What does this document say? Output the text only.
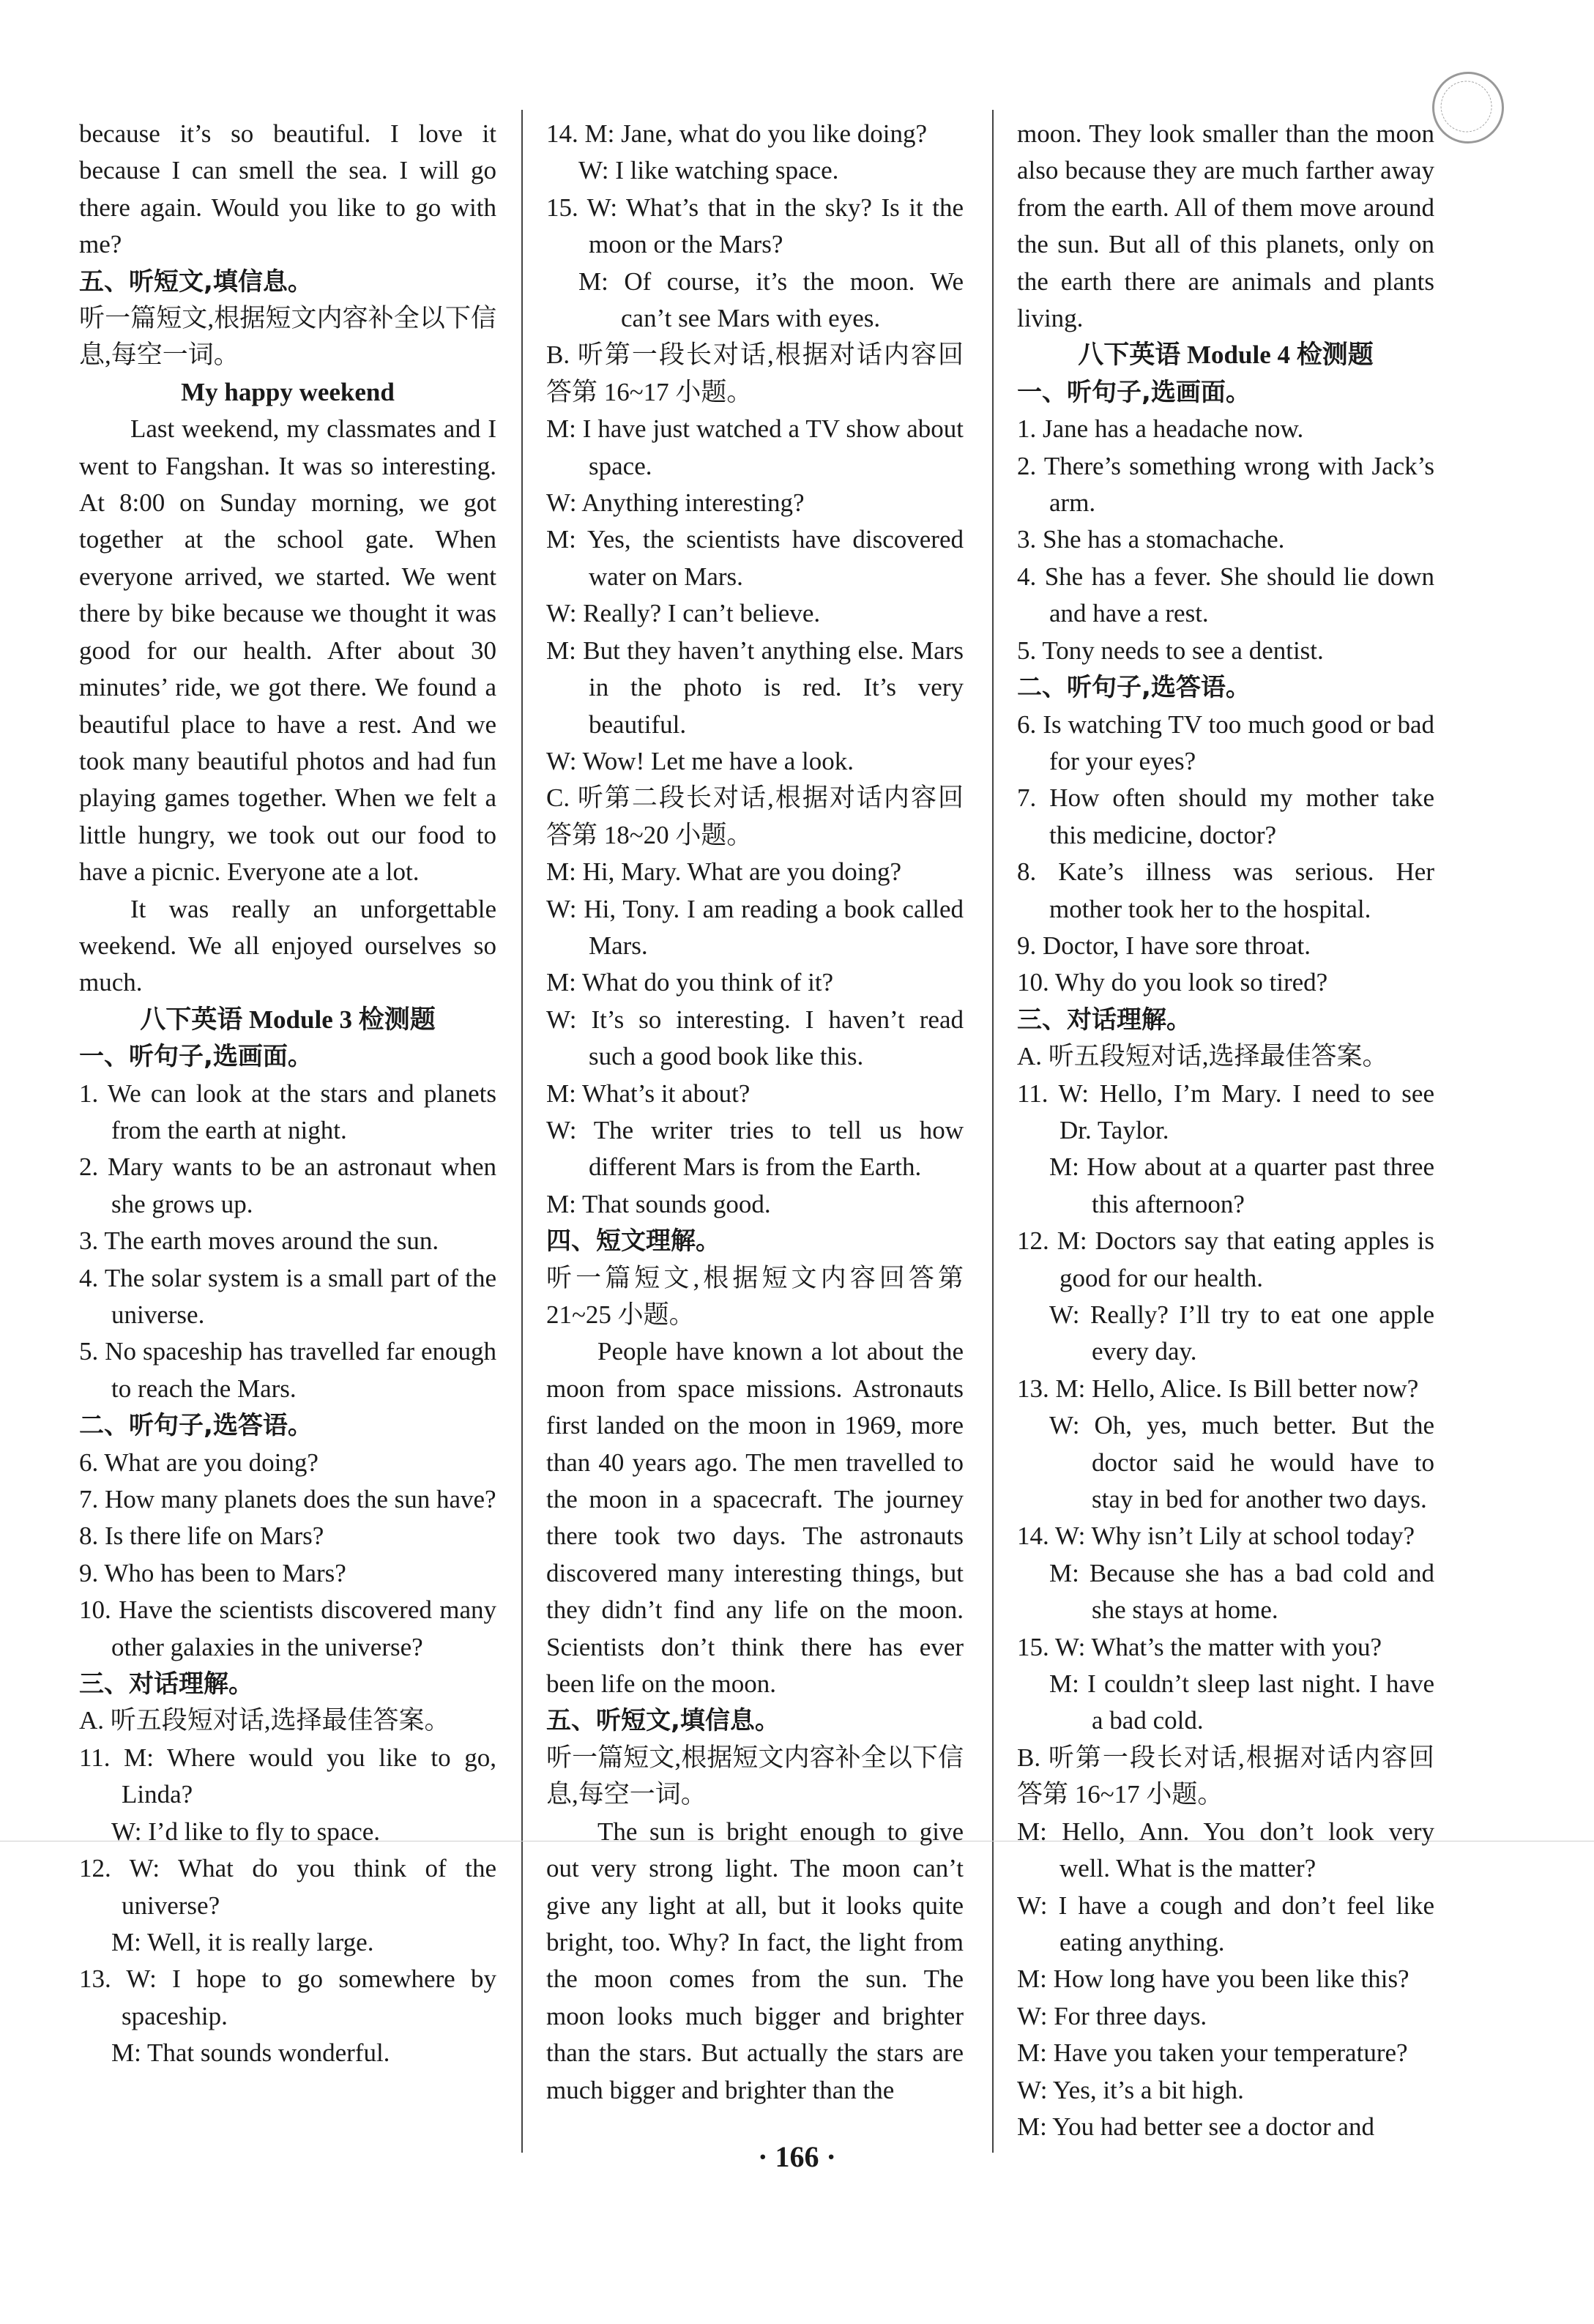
because it’s so beautiful. I love it because I can smell the sea. I will go there again. Would you like to go with me?
五、听短文,填信息。
听一篇短文,根据短文内容补全以下信息,每空一词。
My happy weekend
Last weekend, my classmates and I went to Fangshan. It was so interesting. At 8:00 on Sunday morning, we got together at the school gate. When everyone arrived, we started. We went there by bike because we thought it was good for our health. After about 30 minutes’ ride, we got there. We found a beautiful place to have a rest. And we took many beautiful photos and had fun playing games together. When we felt a little hungry, we took out our food to have a picnic. Everyone ate a lot.
It was really an unforgettable weekend. We all enjoyed ourselves so much.
八下英语 Module 3 检测题
一、听句子,选画面。
1. We can look at the stars and planets from the earth at night.
2. Mary wants to be an astronaut when she grows up.
3. The earth moves around the sun.
4. The solar system is a small part of the universe.
5. No spaceship has travelled far enough to reach the Mars.
二、听句子,选答语。
6. What are you doing?
7. How many planets does the sun have?
8. Is there life on Mars?
9. Who has been to Mars?
10. Have the scientists discovered many other galaxies in the universe?
三、对话理解。
A. 听五段短对话,选择最佳答案。
11. M: Where would you like to go, Linda?
W: I’d like to fly to space.
12. W: What do you think of the universe?
M: Well, it is really large.
13. W: I hope to go somewhere by spaceship.
M: That sounds wonderful.
14. M: Jane, what do you like doing?
W: I like watching space.
15. W: What’s that in the sky? Is it the moon or the Mars?
M: Of course, it’s the moon. We can’t see Mars with eyes.
B. 听第一段长对话,根据对话内容回答第 16~17 小题。
M: I have just watched a TV show about space.
W: Anything interesting?
M: Yes, the scientists have discovered water on Mars.
W: Really? I can’t believe.
M: But they haven’t anything else. Mars in the photo is red. It’s very beautiful.
W: Wow! Let me have a look.
C. 听第二段长对话,根据对话内容回答第 18~20 小题。
M: Hi, Mary. What are you doing?
W: Hi, Tony. I am reading a book called Mars.
M: What do you think of it?
W: It’s so interesting. I haven’t read such a good book like this.
M: What’s it about?
W: The writer tries to tell us how different Mars is from the Earth.
M: That sounds good.
四、短文理解。
听一篇短文,根据短文内容回答第 21~25 小题。
People have known a lot about the moon from space missions. Astronauts first landed on the moon in 1969, more than 40 years ago. The men travelled to the moon in a spacecraft. The journey there took two days. The astronauts discovered many interesting things, but they didn’t find any life on the moon. Scientists don’t think there has ever been life on the moon.
五、听短文,填信息。
听一篇短文,根据短文内容补全以下信息,每空一词。
The sun is bright enough to give out very strong light. The moon can’t give any light at all, but it looks quite bright, too. Why? In fact, the light from the moon comes from the sun. The moon looks much bigger and brighter than the stars. But actually the stars are much bigger and brighter than the
moon. They look smaller than the moon also because they are much farther away from the earth. All of them move around the sun. But all of this planets, only on the earth there are animals and plants living.
八下英语 Module 4 检测题
一、听句子,选画面。
1. Jane has a headache now.
2. There’s something wrong with Jack’s arm.
3. She has a stomachache.
4. She has a fever. She should lie down and have a rest.
5. Tony needs to see a dentist.
二、听句子,选答语。
6. Is watching TV too much good or bad for your eyes?
7. How often should my mother take this medicine, doctor?
8. Kate’s illness was serious. Her mother took her to the hospital.
9. Doctor, I have sore throat.
10. Why do you look so tired?
三、对话理解。
A. 听五段短对话,选择最佳答案。
11. W: Hello, I’m Mary. I need to see Dr. Taylor.
M: How about at a quarter past three this afternoon?
12. M: Doctors say that eating apples is good for our health.
W: Really? I’ll try to eat one apple every day.
13. M: Hello, Alice. Is Bill better now?
W: Oh, yes, much better. But the doctor said he would have to stay in bed for another two days.
14. W: Why isn’t Lily at school today?
M: Because she has a bad cold and she stays at home.
15. W: What’s the matter with you?
M: I couldn’t sleep last night. I have a bad cold.
B. 听第一段长对话,根据对话内容回答第 16~17 小题。
M: Hello, Ann. You don’t look very well. What is the matter?
W: I have a cough and don’t feel like eating anything.
M: How long have you been like this?
W: For three days.
M: Have you taken your temperature?
W: Yes, it’s a bit high.
M: You had better see a doctor and
· 166 ·
